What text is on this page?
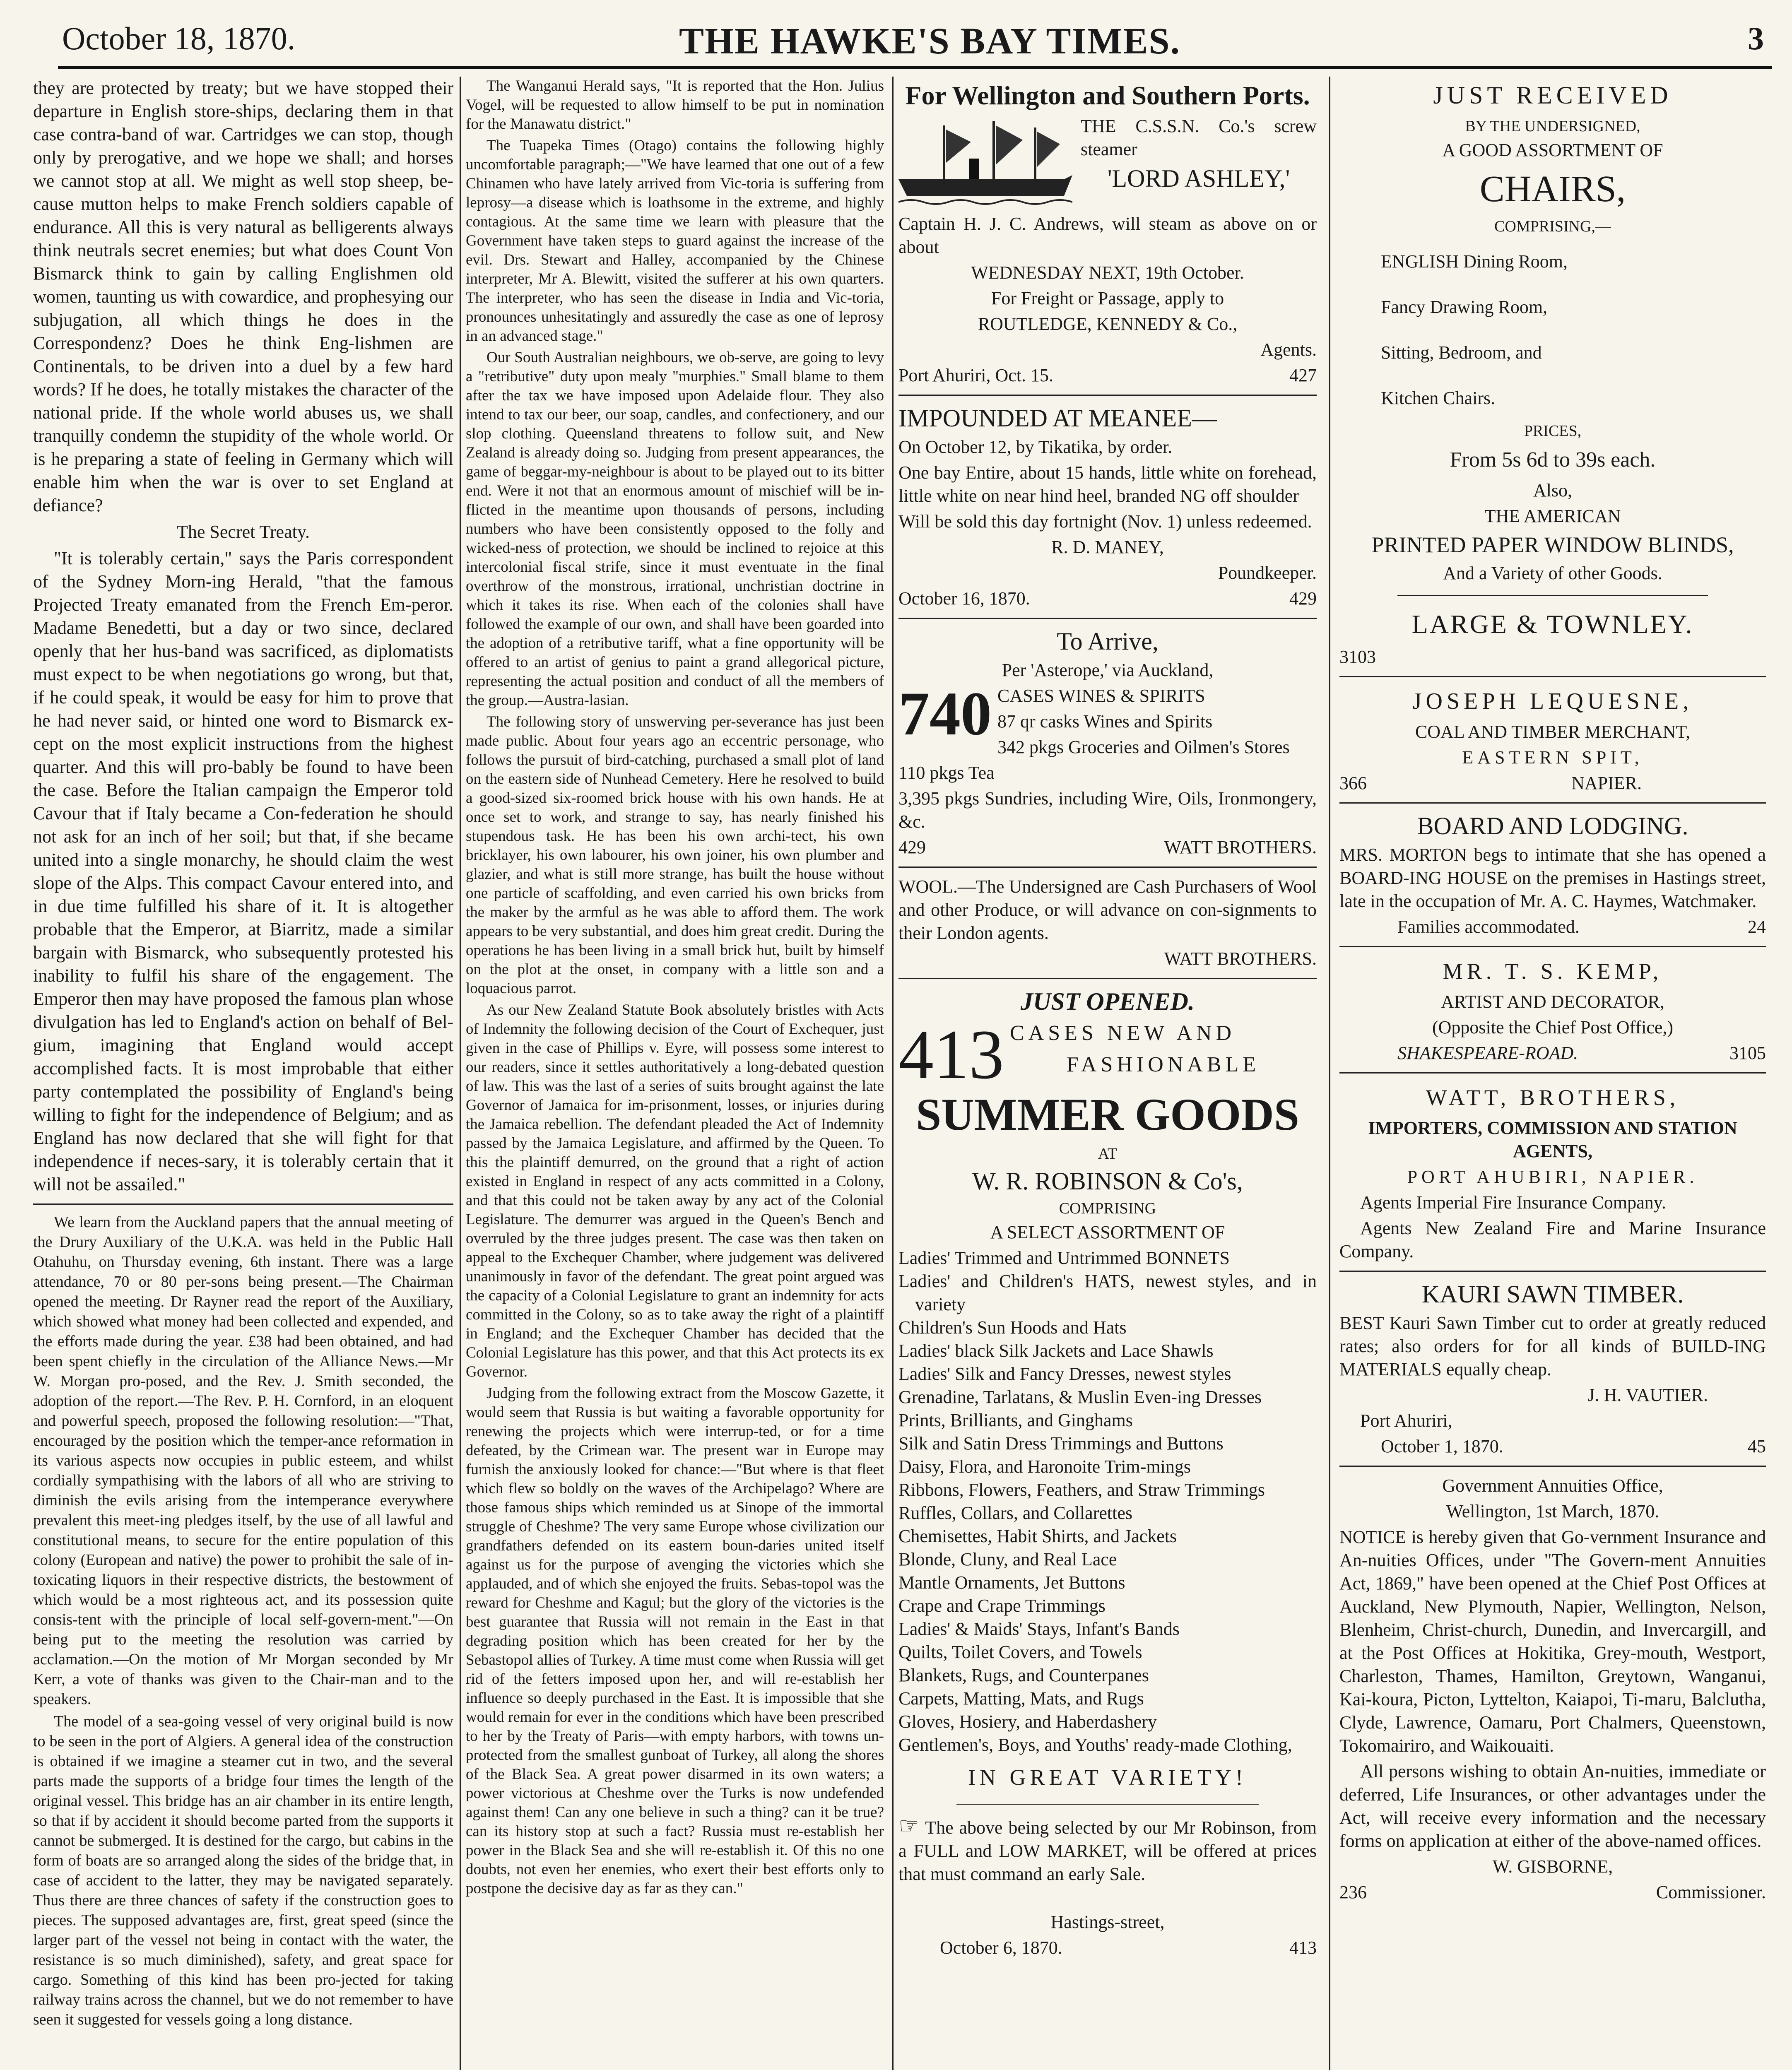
October 18, 1870.	THE HAWKE'S BAY TIMES.	3

they are protected by treaty; but we have stopped their departure in English store-ships, declaring them in that case contra-band of war. Cartridges we can stop, though only by prerogative, and we hope we shall; and horses we cannot stop at all. We might as well stop sheep, be-cause mutton helps to make French soldiers capable of endurance. All this is very natural as belligerents always think neutrals secret enemies; but what does Count Von Bismarck think to gain by calling Englishmen old women, taunting us with cowardice, and prophesying our subjugation, all which things he does in the Correspondenz? Does he think Eng-lishmen are Continentals, to be driven into a duel by a few hard words? If he does, he totally mistakes the character of the national pride. If the whole world abuses us, we shall tranquilly condemn the stupidity of the whole world. Or is he preparing a state of feeling in Germany which will enable him when the war is over to set England at defiance?

The Secret Treaty.

"It is tolerably certain," says the Paris correspondent of the Sydney Morn-ing Herald, "that the famous Projected Treaty emanated from the French Em-peror. Madame Benedetti, but a day or two since, declared openly that her hus-band was sacrificed, as diplomatists must expect to be when negotiations go wrong, but that, if he could speak, it would be easy for him to prove that he had never said, or hinted one word to Bismarck ex-cept on the most explicit instructions from the highest quarter. And this will pro-bably be found to have been the case. Before the Italian campaign the Emperor told Cavour that if Italy became a Con-federation he should not ask for an inch of her soil; but that, if she became united into a single monarchy, he should claim the west slope of the Alps. This compact Cavour entered into, and in due time fulfilled his share of it. It is altogether probable that the Emperor, at Biarritz, made a similar bargain with Bismarck, who subsequently protested his inability to fulfil his share of the engagement. The Emperor then may have proposed the famous plan whose divulgation has led to England's action on behalf of Bel-gium, imagining that England would accept accomplished facts. It is most improbable that either party contemplated the possibility of England's being willing to fight for the independence of Belgium; and as England has now declared that she will fight for that independence if neces-sary, it is tolerably certain that it will not be assailed."

We learn from the Auckland papers that the annual meeting of the Drury Auxiliary of the U.K.A. was held in the Public Hall Otahuhu, on Thursday evening, 6th instant. There was a large attendance, 70 or 80 per-sons being present.—The Chairman opened the meeting. Dr Rayner read the report of the Auxiliary, which showed what money had been collected and expended, and the efforts made during the year. £38 had been obtained, and had been spent chiefly in the circulation of the Alliance News.—Mr W. Morgan pro-posed, and the Rev. J. Smith seconded, the adoption of the report.—The Rev. P. H. Cornford, in an eloquent and powerful speech, proposed the following resolution:—"That, encouraged by the position which the temper-ance reformation in its various aspects now occupies in public esteem, and whilst cordially sympathising with the labors of all who are striving to diminish the evils arising from the intemperance everywhere prevalent this meet-ing pledges itself, by the use of all lawful and constitutional means, to secure for the entire population of this colony (European and native) the power to prohibit the sale of in-toxicating liquors in their respective districts, the bestowment of which would be a most righteous act, and its possession quite consis-tent with the principle of local self-govern-ment."—On being put to the meeting the resolution was carried by acclamation.—On the motion of Mr Morgan seconded by Mr Kerr, a vote of thanks was given to the Chair-man and to the speakers.

The model of a sea-going vessel of very original build is now to be seen in the port of Algiers. A general idea of the construction is obtained if we imagine a steamer cut in two, and the several parts made the supports of a bridge four times the length of the original vessel. This bridge has an air chamber in its entire length, so that if by accident it should become parted from the supports it cannot be submerged. It is destined for the cargo, but cabins in the form of boats are so arranged along the sides of the bridge that, in case of accident to the latter, they may be navigated separately. Thus there are three chances of safety if the construction goes to pieces. The supposed advantages are, first, great speed (since the larger part of the vessel not being in contact with the water, the resistance is so much diminished), safety, and great space for cargo. Something of this kind has been pro-jected for taking railway trains across the channel, but we do not remember to have seen it suggested for vessels going a long distance.

The Wanganui Herald says, "It is reported that the Hon. Julius Vogel, will be requested to allow himself to be put in nomination for the Manawatu district."

The Tuapeka Times (Otago) contains the following highly uncomfortable paragraph;—"We have learned that one out of a few Chinamen who have lately arrived from Vic-toria is suffering from leprosy—a disease which is loathsome in the extreme, and highly contagious. At the same time we learn with pleasure that the Government have taken steps to guard against the increase of the evil. Drs. Stewart and Halley, accompanied by the Chinese interpreter, Mr A. Blewitt, visited the sufferer at his own quarters. The interpreter, who has seen the disease in India and Vic-toria, pronounces unhesitatingly and assuredly the case as one of leprosy in an advanced stage."

Our South Australian neighbours, we ob-serve, are going to levy a "retributive" duty upon mealy "murphies." Small blame to them after the tax we have imposed upon Adelaide flour. They also intend to tax our beer, our soap, candles, and confectionery, and our slop clothing. Queensland threatens to follow suit, and New Zealand is already doing so. Judging from present appearances, the game of beggar-my-neighbour is about to be played out to its bitter end. Were it not that an enormous amount of mischief will be in-flicted in the meantime upon thousands of persons, including numbers who have been consistently opposed to the folly and wicked-ness of protection, we should be inclined to rejoice at this intercolonial fiscal strife, since it must eventuate in the final overthrow of the monstrous, irrational, unchristian doctrine in which it takes its rise. When each of the colonies shall have followed the example of our own, and shall have been goarded into the adoption of a retributive tariff, what a fine opportunity will be offered to an artist of genius to paint a grand allegorical picture, representing the actual position and conduct of all the members of the group.—Austra-lasian.

The following story of unswerving per-severance has just been made public. About four years ago an eccentric personage, who follows the pursuit of bird-catching, purchased a small plot of land on the eastern side of Nunhead Cemetery. Here he resolved to build a good-sized six-roomed brick house with his own hands. He at once set to work, and strange to say, has nearly finished his stupendous task. He has been his own archi-tect, his own bricklayer, his own labourer, his own joiner, his own plumber and glazier, and what is still more strange, has built the house without one particle of scaffolding, and even carried his own bricks from the maker by the armful as he was able to afford them. The work appears to be very substantial, and does him great credit. During the operations he has been living in a small brick hut, built by himself on the plot at the onset, in company with a little son and a loquacious parrot.

As our New Zealand Statute Book absolutely bristles with Acts of Indemnity the following decision of the Court of Exchequer, just given in the case of Phillips v. Eyre, will possess some interest to our readers, since it settles authoritatively a long-debated question of law. This was the last of a series of suits brought against the late Governor of Jamaica for im-prisonment, losses, or injuries during the Jamaica rebellion. The defendant pleaded the Act of Indemnity passed by the Jamaica Legislature, and affirmed by the Queen. To this the plaintiff demurred, on the ground that a right of action existed in England in respect of any acts committed in a Colony, and that this could not be taken away by any act of the Colonial Legislature. The demurrer was argued in the Queen's Bench and overruled by the three judges present. The case was then taken on appeal to the Exchequer Chamber, where judgement was delivered unanimously in favor of the defendant. The great point argued was the capacity of a Colonial Legislature to grant an indemnity for acts committed in the Colony, so as to take away the right of a plaintiff in England; and the Exchequer Chamber has decided that the Colonial Legislature has this power, and that this Act protects its ex Governor.

Judging from the following extract from the Moscow Gazette, it would seem that Russia is but waiting a favorable opportunity for renewing the projects which were interrup-ted, or for a time defeated, by the Crimean war. The present war in Europe may furnish the anxiously looked for chance:—"But where is that fleet which flew so boldly on the waves of the Archipelago? Where are those famous ships which reminded us at Sinope of the immortal struggle of Cheshme? The very same Europe whose civilization our grandfathers defended on its eastern boun-daries united itself against us for the purpose of avenging the victories which she applauded, and of which she enjoyed the fruits. Sebas-topol was the reward for Cheshme and Kagul; but the glory of the victories is the best guarantee that Russia will not remain in the East in that degrading position which has been created for her by the Sebastopol allies of Turkey. A time must come when Russia will get rid of the fetters imposed upon her, and will re-establish her influence so deeply purchased in the East. It is impossible that she would remain for ever in the conditions which have been prescribed to her by the Treaty of Paris—with empty harbors, with towns un-protected from the smallest gunboat of Turkey, all along the shores of the Black Sea. A great power disarmed in its own waters; a power victorious at Cheshme over the Turks is now undefended against them! Can any one believe in such a thing? can it be true? can its history stop at such a fact? Russia must re-establish her power in the Black Sea and she will re-establish it. Of this no one doubts, not even her enemies, who exert their best efforts only to postpone the decisive day as far as they can."

For Wellington and Southern Ports.

THE C.S.S.N. Co.'s screw steamer

'LORD ASHLEY,'

Captain H. J. C. Andrews, will steam as above on or about

WEDNESDAY NEXT, 19th October.

For Freight or Passage, apply to

ROUTLEDGE, KENNEDY & Co.,

Agents.

Port Ahuriri, Oct. 15.	427

IMPOUNDED AT MEANEE—

On October 12, by Tikatika, by order.

One bay Entire, about 15 hands, little white on forehead, little white on near hind heel, branded NG off shoulder

Will be sold this day fortnight (Nov. 1) unless redeemed.

R. D. MANEY,

Poundkeeper.

October 16, 1870.	429

To Arrive,

Per 'Asterope,' via Auckland,

740 CASES WINES & SPIRITS

87 qr casks Wines and Spirits

342 pkgs Groceries and Oilmen's Stores

110 pkgs Tea

3,395 pkgs Sundries, including Wire, Oils, Ironmongery, &c.

429	WATT BROTHERS.

WOOL.—The Undersigned are Cash Purchasers of Wool and other Produce, or will advance on con-signments to their London agents.

WATT BROTHERS.

JUST OPENED.

413 CASES NEW AND

FASHIONABLE

SUMMER GOODS

AT

W. R. ROBINSON & Co's,

COMPRISING

A SELECT ASSORTMENT OF

Ladies' Trimmed and Untrimmed BONNETS

Ladies' and Children's HATS, newest styles, and in variety

Children's Sun Hoods and Hats

Ladies' black Silk Jackets and Lace Shawls

Ladies' Silk and Fancy Dresses, newest styles

Grenadine, Tarlatans, & Muslin Even-ing Dresses

Prints, Brilliants, and Ginghams

Silk and Satin Dress Trimmings and Buttons

Daisy, Flora, and Haronoite Trim-mings

Ribbons, Flowers, Feathers, and Straw Trimmings

Ruffles, Collars, and Collarettes

Chemisettes, Habit Shirts, and Jackets

Blonde, Cluny, and Real Lace

Mantle Ornaments, Jet Buttons

Crape and Crape Trimmings

Ladies' & Maids' Stays, Infant's Bands

Quilts, Toilet Covers, and Towels

Blankets, Rugs, and Counterpanes

Carpets, Matting, Mats, and Rugs

Gloves, Hosiery, and Haberdashery

Gentlemen's, Boys, and Youths' ready-made Clothing,

IN GREAT VARIETY!

☞ The above being selected by our Mr Robinson, from a FULL and LOW MARKET, will be offered at prices that must command an early Sale.

Hastings-street,

October 6, 1870.	413

JUST RECEIVED

BY THE UNDERSIGNED,

A GOOD ASSORTMENT OF

CHAIRS,

COMPRISING,—

ENGLISH Dining Room,
Fancy Drawing Room,
Sitting, Bedroom, and
Kitchen Chairs.

PRICES,

From 5s 6d to 39s each.

Also,

THE AMERICAN

PRINTED PAPER WINDOW BLINDS,

And a Variety of other Goods.

LARGE & TOWNLEY.

3103

JOSEPH LEQUESNE,

COAL AND TIMBER MERCHANT,

EASTERN SPIT,

366	NAPIER.

BOARD AND LODGING.

MRS. MORTON begs to intimate that she has opened a BOARD-ING HOUSE on the premises in Hastings street, late in the occupation of Mr. A. C. Haymes, Watchmaker.

Families accommodated.	24

MR. T. S. KEMP,

ARTIST AND DECORATOR,

(Opposite the Chief Post Office,)

SHAKESPEARE-ROAD.	3105

WATT, BROTHERS,

IMPORTERS, COMMISSION AND STATION AGENTS,

PORT AHUBIRI, NAPIER.

Agents Imperial Fire Insurance Company.

Agents New Zealand Fire and Marine Insurance Company.

KAURI SAWN TIMBER.

BEST Kauri Sawn Timber cut to order at greatly reduced rates; also orders for for all kinds of BUILD-ING MATERIALS equally cheap.

J. H. VAUTIER.

Port Ahuriri,

October 1, 1870.	45

Government Annuities Office,

Wellington, 1st March, 1870.

NOTICE is hereby given that Go-vernment Insurance and An-nuities Offices, under "The Govern-ment Annuities Act, 1869," have been opened at the Chief Post Offices at Auckland, New Plymouth, Napier, Wellington, Nelson, Blenheim, Christ-church, Dunedin, and Invercargill, and at the Post Offices at Hokitika, Grey-mouth, Westport, Charleston, Thames, Hamilton, Greytown, Wanganui, Kai-koura, Picton, Lyttelton, Kaiapoi, Ti-maru, Balclutha, Clyde, Lawrence, Oamaru, Port Chalmers, Queenstown, Tokomairiro, and Waikouaiti.

All persons wishing to obtain An-nuities, immediate or deferred, Life Insurances, or other advantages under the Act, will receive every information and the necessary forms on application at either of the above-named offices.

W. GISBORNE,

236	Commissioner.
